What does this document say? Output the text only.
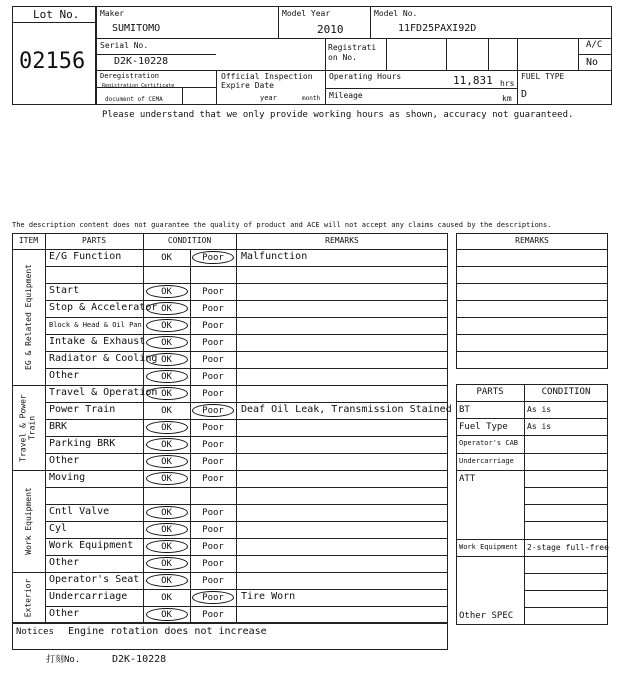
Lot No.
02156
Maker
SUMITOMO
Model Year
2010
Model No.
11FD25PAXI92D
Serial No.
D2K-10228
Registrati
on No.
A/C
No
Deregistration
Registration Certificate
document of CEMA
Official Inspection
Expire Date
year	month
Operating Hours	11,831 hrs
Mileage	km
FUEL TYPE
D
Please understand that we only provide working hours as shown, accuracy not guaranteed.
The description content does not guarantee the quality of product and ACE will not accept any claims caused by the descriptions.
Notices Engine rotation does not increase
打刻No.	D2K-10228
ITEM	PARTS	CONDITION	REMARKS
EG & Related Equipment
E/G Function	OK	Poor	Malfunction
Start	OK	Poor
Stop & Accelerator OK	Poor
Block & Head & Oil Pan	OK	Poor
Intake & Exhaust	OK	Poor
Radiator & Cooling OK	Poor
Other	OK	Poor
Travel & Power
Train
Travel & Operation OK	Poor
Power Train	OK	Poor	Deaf Oil Leak, Transmission Stained
BRK	OK	Poor
Parking BRK	OK	Poor
Other	OK	Poor
Work Equipment
Moving	OK	Poor
Cntl Valve	OK	Poor
Cyl	OK	Poor
Work Equipment	OK	Poor
Other	OK	Poor
Exterior	Operator's Seat	OK	Poor
Undercarriage	OK	Poor	Tire Worn
Other	OK	Poor
REMARKS
PARTS	CONDITION
BT	As is
Fuel Type As is
Operator's CAB
Undercarriage
ATT
Work Equipment 2-stage full-free
Other SPEC
